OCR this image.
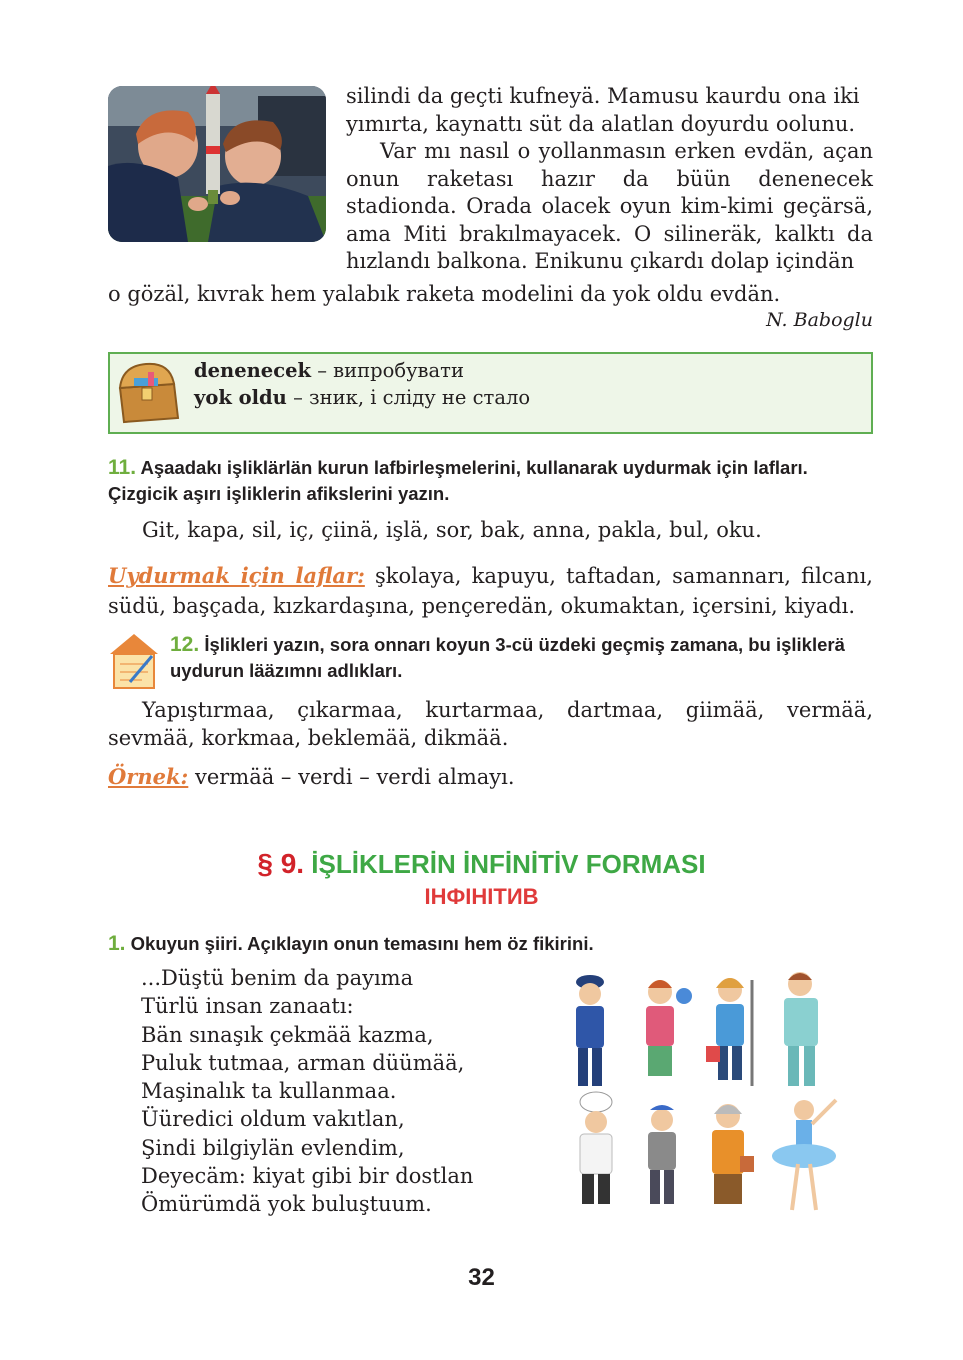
silindi da geçti kufneyä. Mamusu kaurdu ona iki

yımırta, kaynattı süt da alatlan doyurdu oolunu.

Var mı nasıl o yollanmasın erken evdän, açan onun raketası hazır da büün denenecek stadionda. Orada olacek oyun kim-kimi geçärsä, ama Miti brakılmayacek. O silineräk, kalktı da hızlandı balkona. Enikunu çıkardı dolap içindän

o gözäl, kıvrak hem yalabık raketa modelini da yok oldu evdän.
N. Baboglu
denenecek – випробувати
yok oldu – зник, і сліду не стало
11. Aşaadakı işliklärlän kurun lafbirleşmelerini, kullanarak uydurmak için lafları. Çizgicik aşırı işliklerin afikslerini yazın.
Git, kapa, sil, iç, çiinä, işlä, sor, bak, anna, pakla, bul, oku.
Uydurmak için laflar: şkolaya, kapuyu, taftadan, samannarı, filcanı, südü, başçada, kızkardaşına, pençeredän, okumaktan, içersini, kiyadı.
12. İşlikleri yazın, sora onnarı koyun 3-cü üzdeki geçmiş zamana, bu işliklerä uydurun lääzımnı adlıkları.
Yapıştırmaa, çıkarmaa, kurtarmaa, dartmaa, giimää, vermää, sevmää, korkmaa, beklemää, dikmää.
Örnek: vermää – verdi – verdi almayı.
§ 9. İŞLİKLERİN İNFİNİTİV FORMASI
ІНФІНІТИВ
1. Okuyun şiiri. Açıklayın onun temasını hem öz fikirini.
...Düştü benim da payıma
Türlü insan zanaatı:
Bän sınaşık çekmää kazma,
Puluk tutmaa, arman düümää,
Maşinalık ta kullanmaa.
Üüredici oldum vakıtlan,
Şindi bilgiylän evlendim,
Deyecäm: kiyat gibi bir dostlan
Ömürümdä yok buluştuum.
32
